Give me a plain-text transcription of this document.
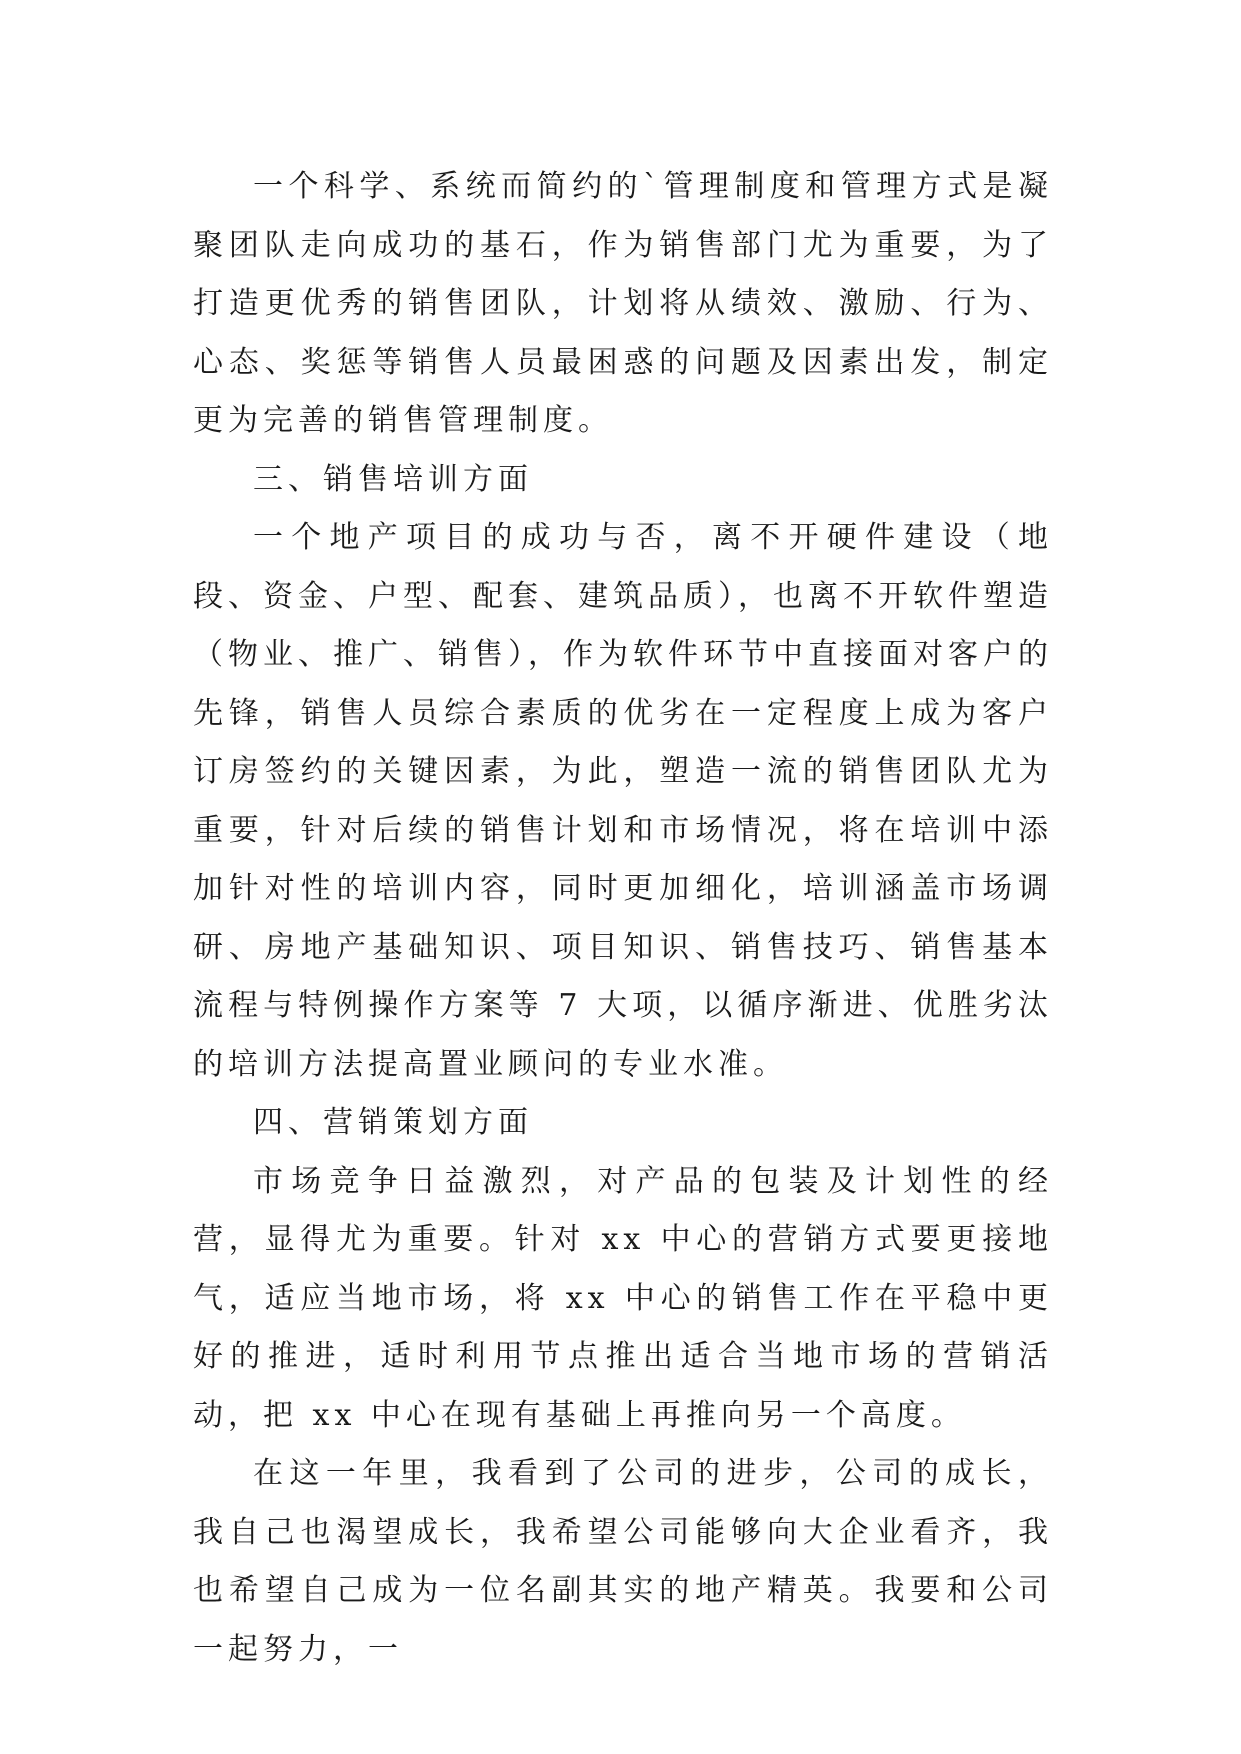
一个科学、系统而简约的`管理制度和管理方式是凝聚团队走向成功的基石，作为销售部门尤为重要，为了打造更优秀的销售团队，计划将从绩效、激励、行为、心态、奖惩等销售人员最困惑的问题及因素出发，制定更为完善的销售管理制度。

三、销售培训方面

一个地产项目的成功与否，离不开硬件建设（地段、资金、户型、配套、建筑品质），也离不开软件塑造（物业、推广、销售），作为软件环节中直接面对客户的先锋，销售人员综合素质的优劣在一定程度上成为客户订房签约的关键因素，为此，塑造一流的销售团队尤为重要，针对后续的销售计划和市场情况，将在培训中添加针对性的培训内容，同时更加细化，培训涵盖市场调研、房地产基础知识、项目知识、销售技巧、销售基本流程与特例操作方案等 7 大项，以循序渐进、优胜劣汰的培训方法提高置业顾问的专业水准。

四、营销策划方面

市场竞争日益激烈，对产品的包装及计划性的经营，显得尤为重要。针对 xx 中心的营销方式要更接地气，适应当地市场，将 xx 中心的销售工作在平稳中更好的推进，适时利用节点推出适合当地市场的营销活动，把 xx 中心在现有基础上再推向另一个高度。

在这一年里，我看到了公司的进步，公司的成长，我自己也渴望成长，我希望公司能够向大企业看齐，我也希望自己成为一位名副其实的地产精英。我要和公司一起努力，一
